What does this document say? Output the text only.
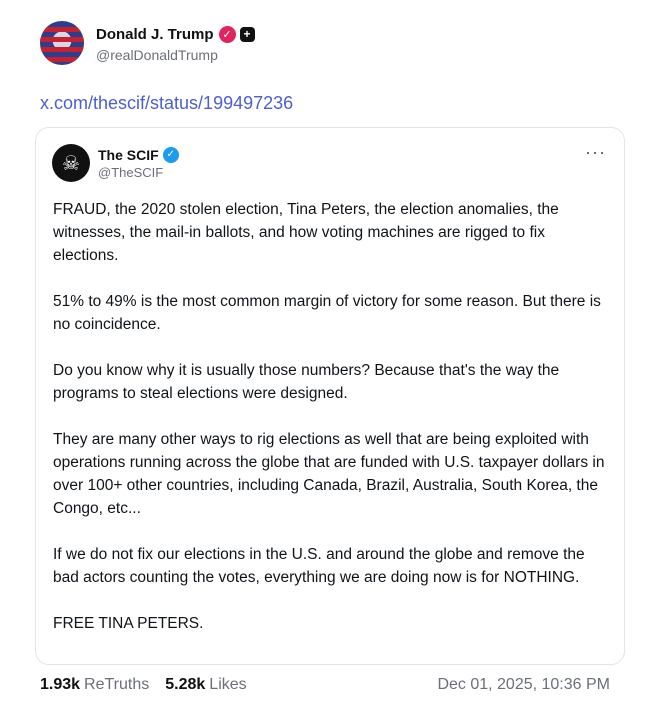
Donald J. Trump ✓ +
@realDonaldTrump
x.com/thescif/status/199497236
☠	The SCIF ✓
@TheSCIF
···

FRAUD, the 2020 stolen election, Tina Peters, the election anomalies, the witnesses, the mail-in ballots, and how voting machines are rigged to fix elections.

51% to 49% is the most common margin of victory for some reason. But there is no coincidence.

Do you know why it is usually those numbers? Because that's the way the programs to steal elections were designed.

They are many other ways to rig elections as well that are being exploited with operations running across the globe that are funded with U.S. taxpayer dollars in over 100+ other countries, including Canada, Brazil, Australia, South Korea, the Congo, etc...

If we do not fix our elections in the U.S. and around the globe and remove the bad actors counting the votes, everything we are doing now is for NOTHING.

FREE TINA PETERS.

1.93k ReTruths 5.28k Likes	Dec 01, 2025, 10:36 PM
